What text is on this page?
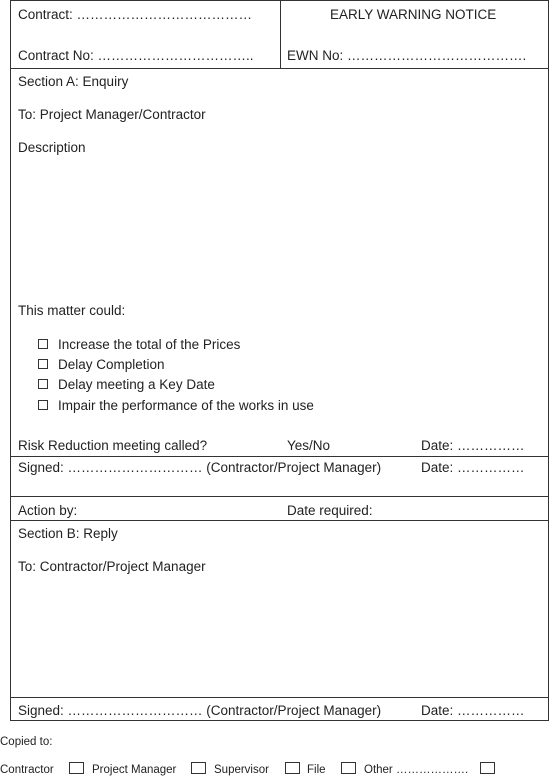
Contract: …………………………………	EARLY WARNING NOTICE
Contract No: …………………………….. EWN No: ………………………………….
Section A: Enquiry
To: Project Manager/Contractor
Description
This matter could:
Increase the total of the Prices
Delay Completion
Delay meeting a Key Date
Impair the performance of the works in use
Risk Reduction meeting called?	Yes/No	Date: ……………
Signed: ………………………… (Contractor/Project Manager)	Date: ……………
Action by:	Date required:
Section B: Reply
To: Contractor/Project Manager
Signed: ………………………… (Contractor/Project Manager)	Date: ……………
Copied to:
Contractor	Project Manager	Supervisor	File	Other ……………….
